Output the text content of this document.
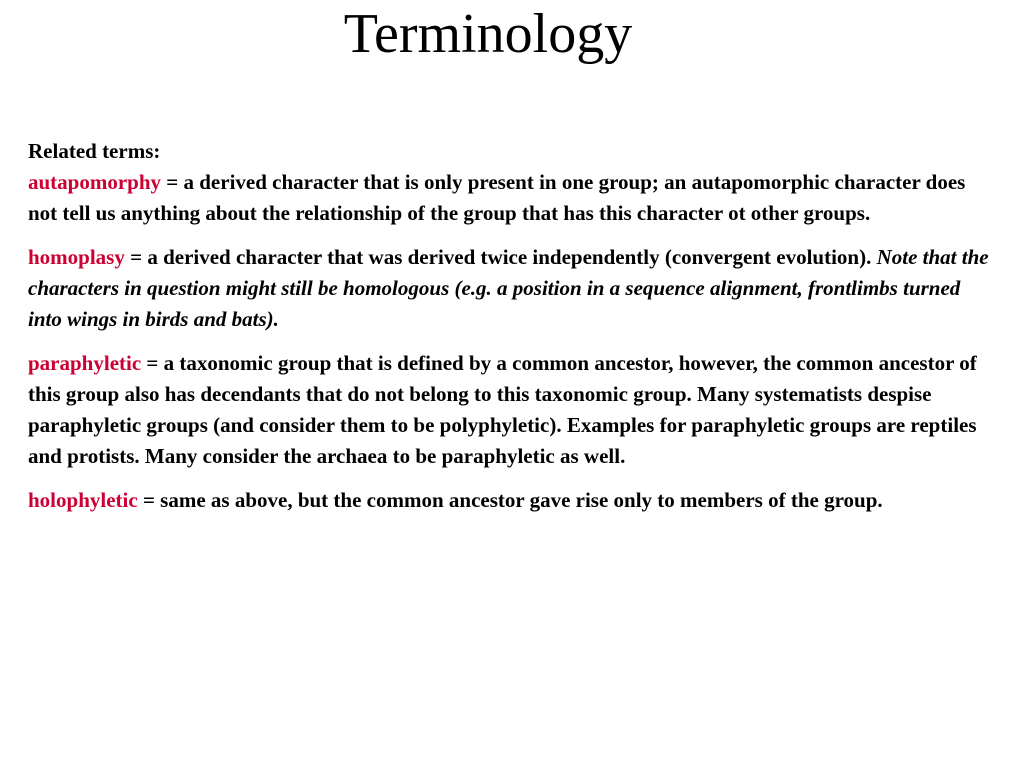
Terminology

Related terms:
autapomorphy = a derived character that is only present in one group; an autapomorphic character does not tell us anything about the relationship of the group that has this character ot other groups.

homoplasy = a derived character that was derived twice independently (convergent evolution). Note that the characters in question might still be homologous (e.g. a position in a sequence alignment, frontlimbs turned into wings in birds and bats).

paraphyletic = a taxonomic group that is defined by a common ancestor, however, the common ancestor of this group also has decendants that do not belong to this taxonomic group. Many systematists despise paraphyletic groups (and consider them to be polyphyletic). Examples for paraphyletic groups are reptiles and protists. Many consider the archaea to be paraphyletic as well.

holophyletic = same as above, but the common ancestor gave rise only to members of the group.
